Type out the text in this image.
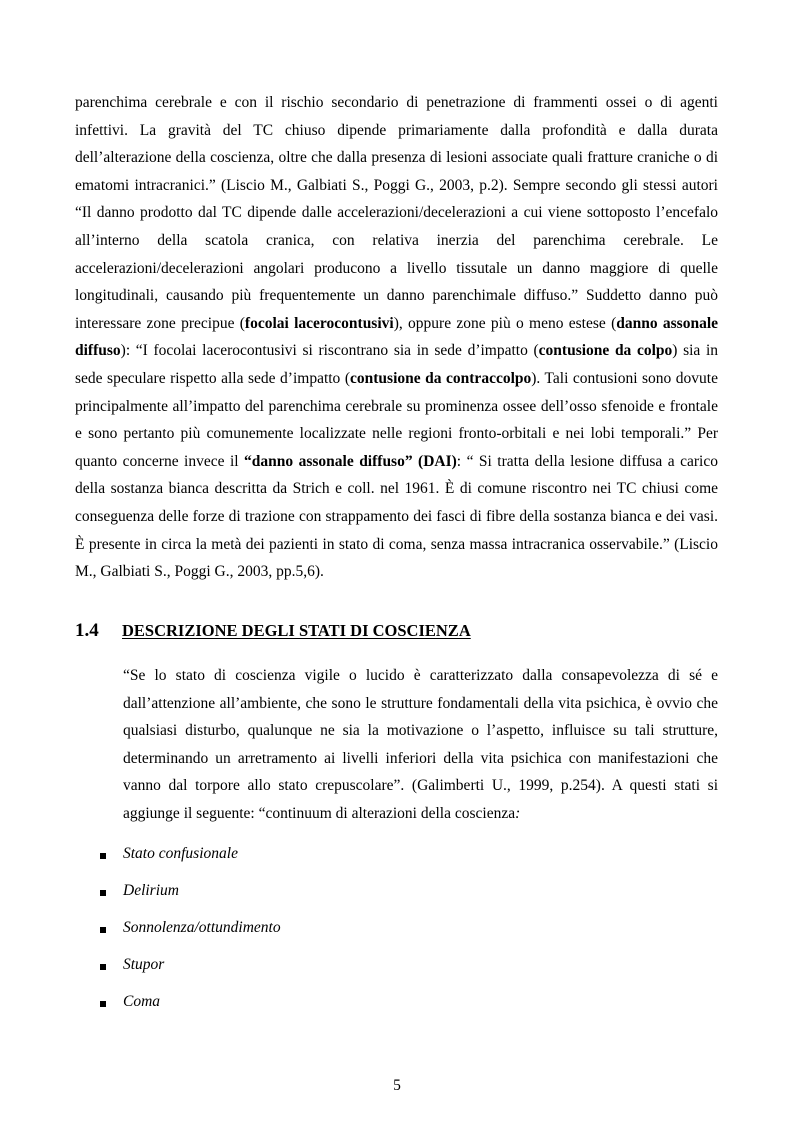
parenchima cerebrale e con il rischio secondario di penetrazione di frammenti ossei o di agenti infettivi. La gravità del TC chiuso dipende primariamente dalla profondità e dalla durata dell’alterazione della coscienza, oltre che dalla presenza di lesioni associate quali fratture craniche o di ematomi intracranici.” (Liscio M., Galbiati S., Poggi G., 2003, p.2). Sempre secondo gli stessi autori “Il danno prodotto dal TC dipende dalle accelerazioni/decelerazioni a cui viene sottoposto l’encefalo all’interno della scatola cranica, con relativa inerzia del parenchima cerebrale. Le accelerazioni/decelerazioni angolari producono a livello tissutale un danno maggiore di quelle longitudinali, causando più frequentemente un danno parenchimale diffuso.” Suddetto danno può interessare zone precipue (focolai lacerocontusivi), oppure zone più o meno estese (danno assonale diffuso): “I focolai lacerocontusivi si riscontrano sia in sede d’impatto (contusione da colpo) sia in sede speculare rispetto alla sede d’impatto (contusione da contraccolpo). Tali contusioni sono dovute principalmente all’impatto del parenchima cerebrale su prominenza ossee dell’osso sfenoide e frontale e sono pertanto più comunemente localizzate nelle regioni fronto-orbitali e nei lobi temporali.” Per quanto concerne invece il “danno assonale diffuso” (DAI): “ Si tratta della lesione diffusa a carico della sostanza bianca descritta da Strich e coll. nel 1961. È di comune riscontro nei TC chiusi come conseguenza delle forze di trazione con strappamento dei fasci di fibre della sostanza bianca e dei vasi. È presente in circa la metà dei pazienti in stato di coma, senza massa intracranica osservabile.” (Liscio M., Galbiati S., Poggi G., 2003, pp.5,6).

1.4 DESCRIZIONE DEGLI STATI DI COSCIENZA

“Se lo stato di coscienza vigile o lucido è caratterizzato dalla consapevolezza di sé e dall’attenzione all’ambiente, che sono le strutture fondamentali della vita psichica, è ovvio che qualsiasi disturbo, qualunque ne sia la motivazione o l’aspetto, influisce su tali strutture, determinando un arretramento ai livelli inferiori della vita psichica con manifestazioni che vanno dal torpore allo stato crepuscolare”. (Galimberti U., 1999, p.254). A questi stati si aggiunge il seguente: “continuum di alterazioni della coscienza:

Stato confusionale
Delirium
Sonnolenza/ottundimento
Stupor
Coma
5
